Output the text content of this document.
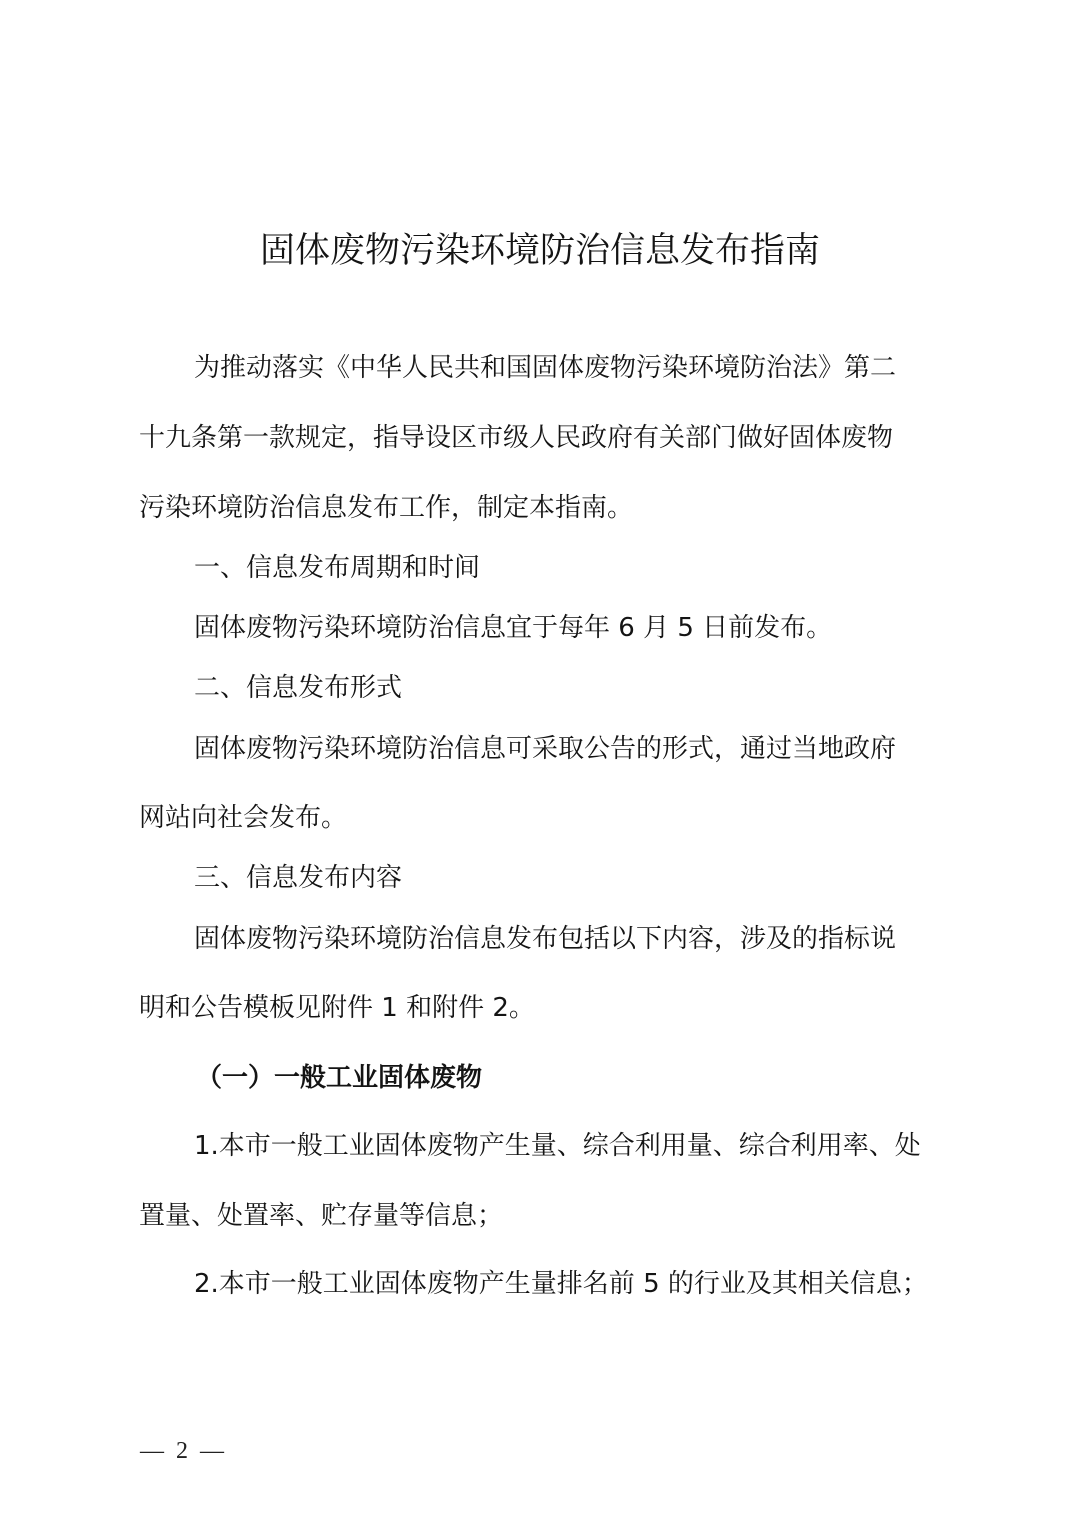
固体废物污染环境防治信息发布指南

为推动落实《中华人民共和国固体废物污染环境防治法》第二

十九条第一款规定，指导设区市级人民政府有关部门做好固体废物

污染环境防治信息发布工作，制定本指南。

一、信息发布周期和时间

固体废物污染环境防治信息宜于每年 6 月 5 日前发布。

二、信息发布形式

固体废物污染环境防治信息可采取公告的形式，通过当地政府

网站向社会发布。

三、信息发布内容

固体废物污染环境防治信息发布包括以下内容，涉及的指标说

明和公告模板见附件 1 和附件 2。

（一）一般工业固体废物

1.本市一般工业固体废物产生量、综合利用量、综合利用率、处

置量、处置率、贮存量等信息；

2.本市一般工业固体废物产生量排名前 5 的行业及其相关信息；

—  2  —
